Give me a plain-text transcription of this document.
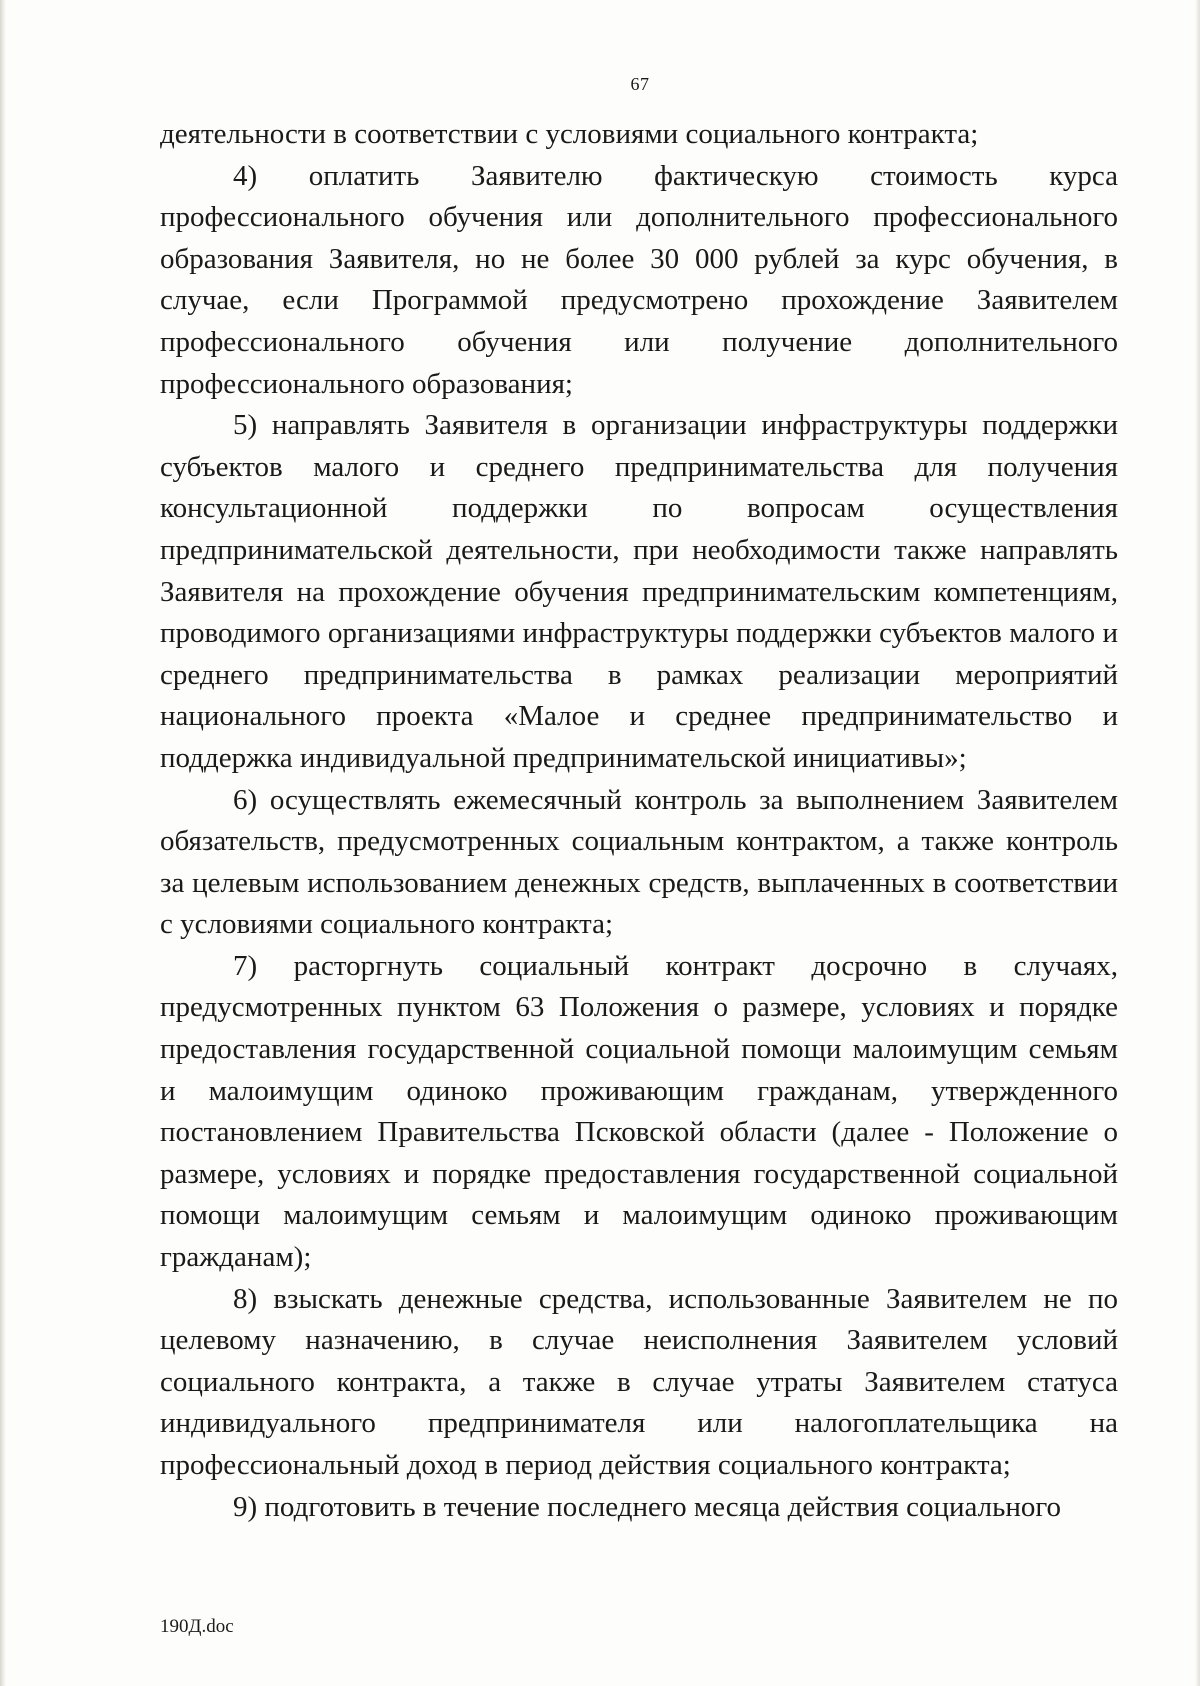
67

деятельности в соответствии с условиями социального контракта;

4) оплатить Заявителю фактическую стоимость курса профессионального обучения или дополнительного профессионального образования Заявителя, но не более 30 000 рублей за курс обучения, в случае, если Программой предусмотрено прохождение Заявителем профессионального обучения или получение дополнительного профессионального образования;

5) направлять Заявителя в организации инфраструктуры поддержки субъектов малого и среднего предпринимательства для получения консультационной поддержки по вопросам осуществления предпринимательской деятельности, при необходимости также направлять Заявителя на прохождение обучения предпринимательским компетенциям, проводимого организациями инфраструктуры поддержки субъектов малого и среднего предпринимательства в рамках реализации мероприятий национального проекта «Малое и среднее предпринимательство и поддержка индивидуальной предпринимательской инициативы»;

6) осуществлять ежемесячный контроль за выполнением Заявителем обязательств, предусмотренных социальным контрактом, а также контроль за целевым использованием денежных средств, выплаченных в соответствии с условиями социального контракта;

7) расторгнуть социальный контракт досрочно в случаях, предусмотренных пунктом 63 Положения о размере, условиях и порядке предоставления государственной социальной помощи малоимущим семьям и малоимущим одиноко проживающим гражданам, утвержденного постановлением Правительства Псковской области (далее - Положение о размере, условиях и порядке предоставления государственной социальной помощи малоимущим семьям и малоимущим одиноко проживающим гражданам);

8) взыскать денежные средства, использованные Заявителем не по целевому назначению, в случае неисполнения Заявителем условий социального контракта, а также в случае утраты Заявителем статуса индивидуального предпринимателя или налогоплательщика на профессиональный доход в период действия социального контракта;

9) подготовить в течение последнего месяца действия социального

190Д.doc
